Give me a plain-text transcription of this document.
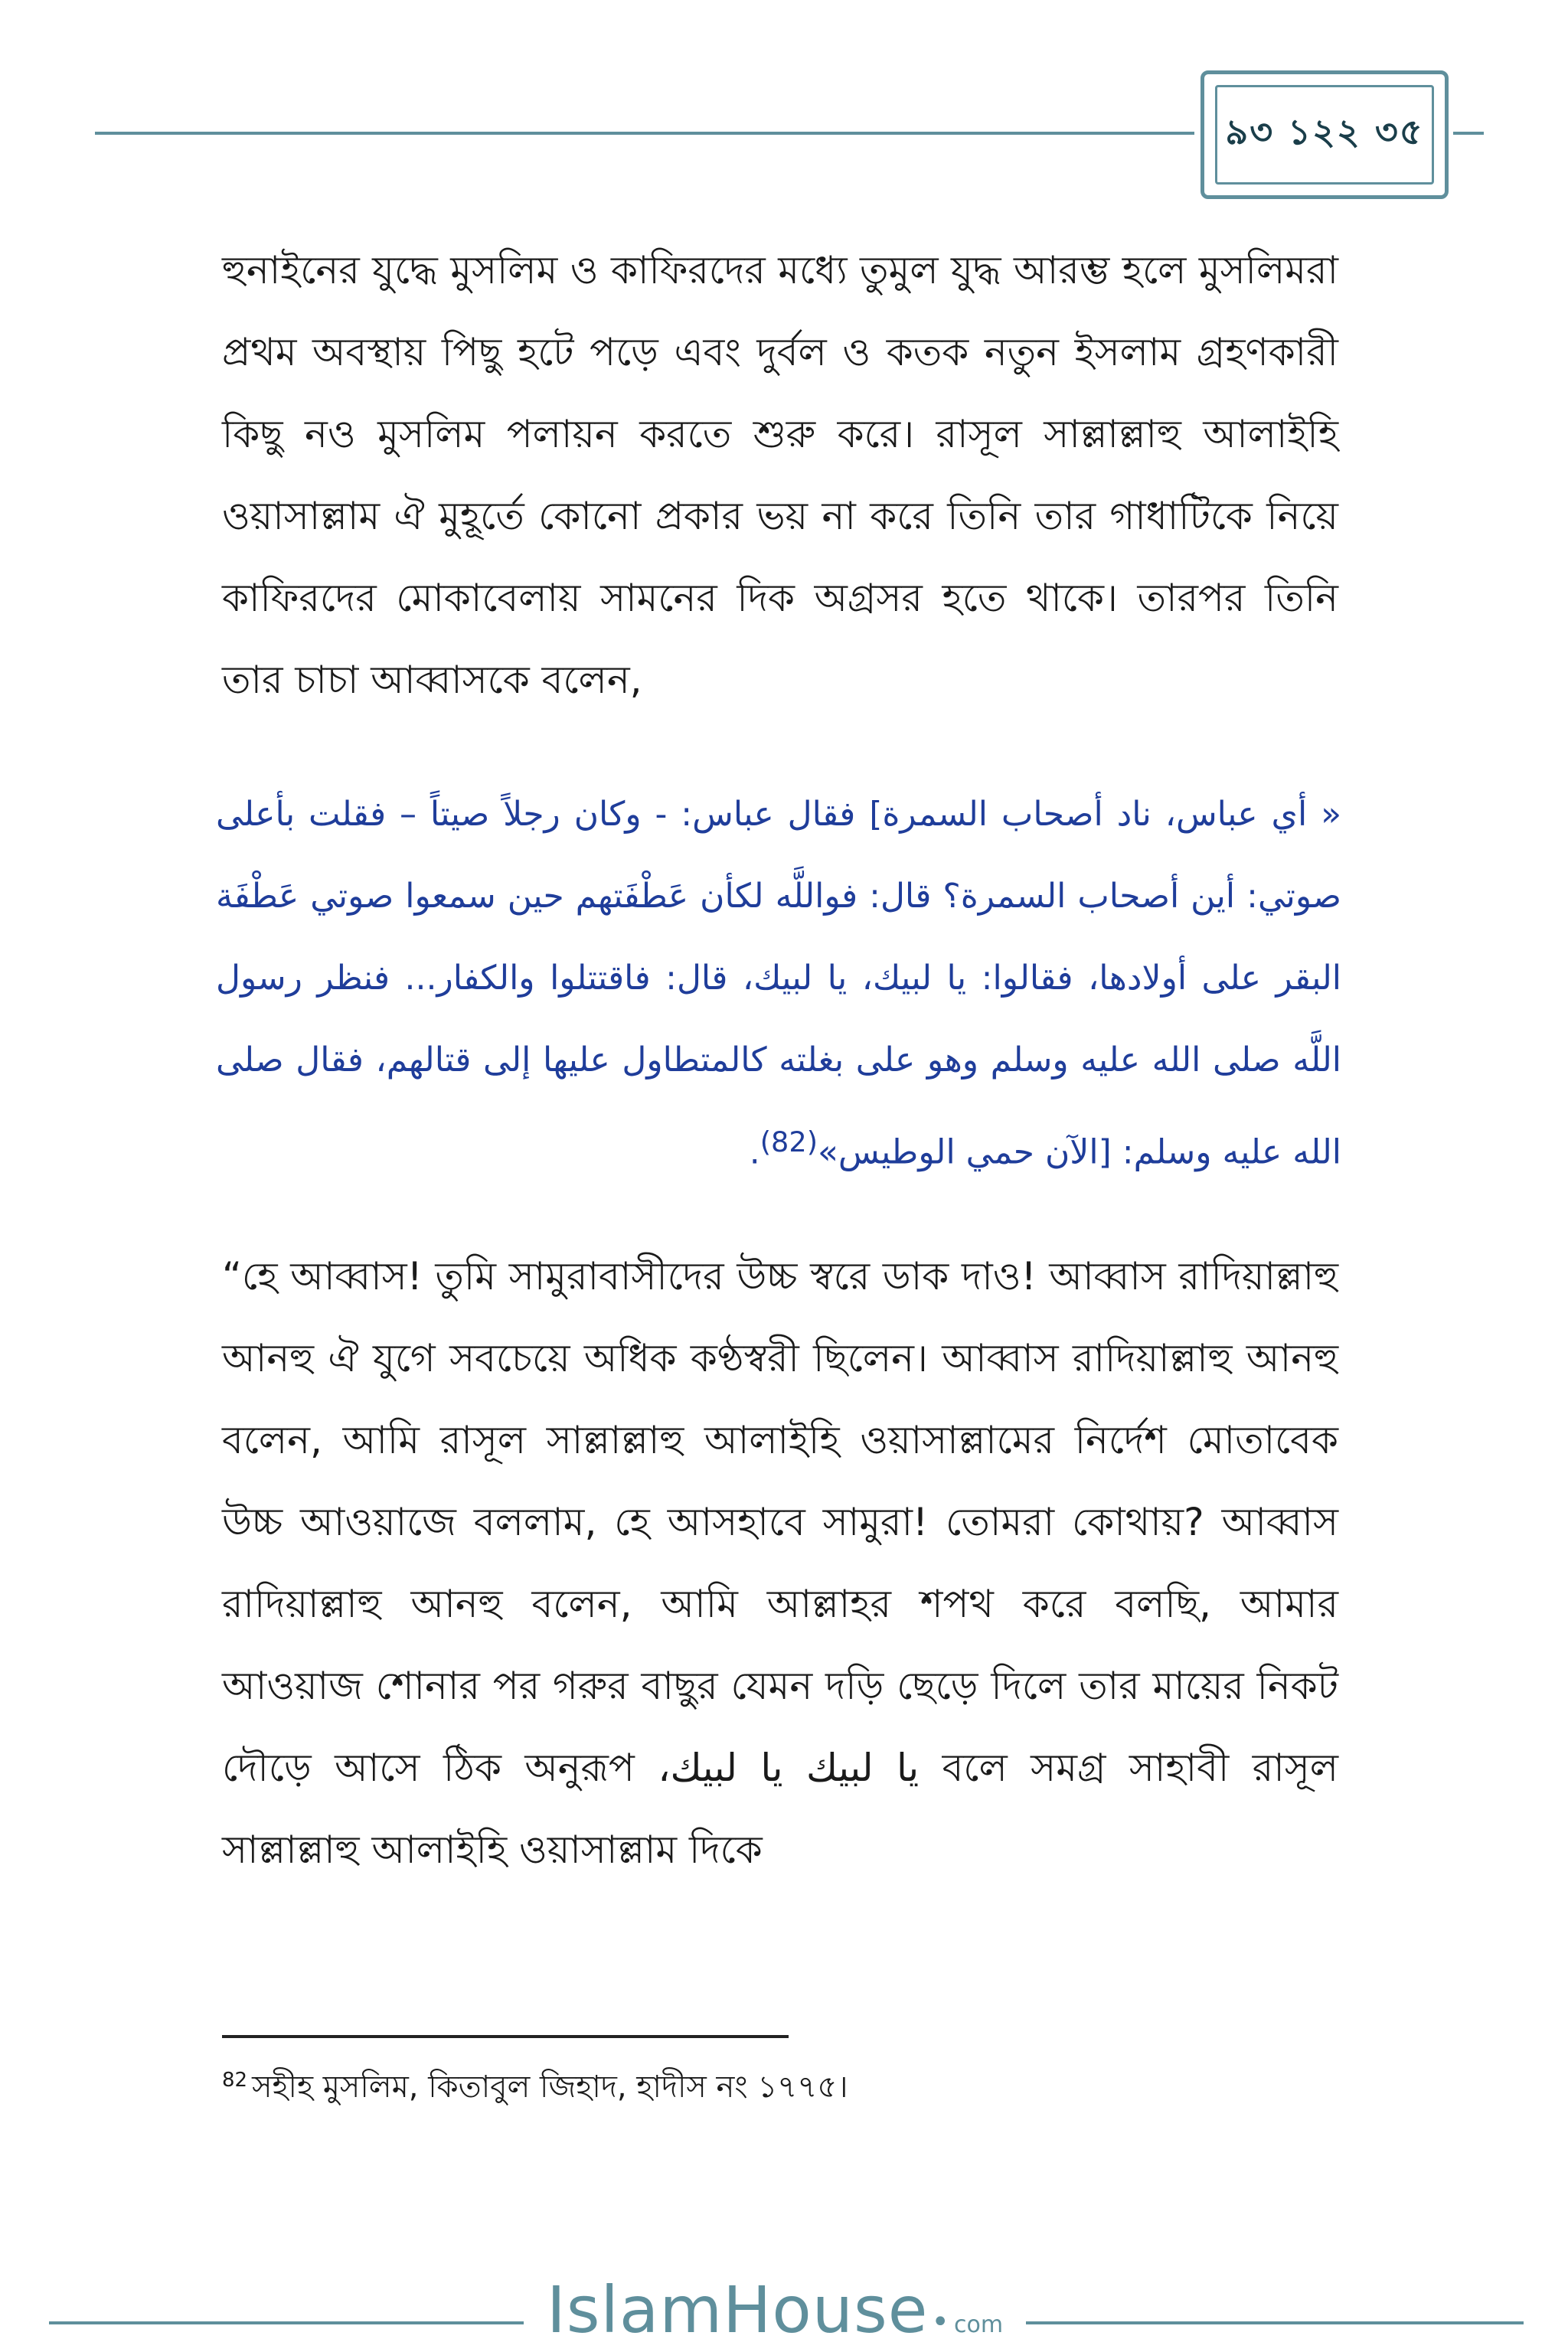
৯৩ ১২২ ৩৫

হুনাইনের যুদ্ধে মুসলিম ও কাফিরদের মধ্যে তুমুল যুদ্ধ আরম্ভ হলে মুসলিমরা প্রথম অবস্থায় পিছু হটে পড়ে এবং দুর্বল ও কতক নতুন ইসলাম গ্রহণকারী কিছু নও মুসলিম পলায়ন করতে শুরু করে। রাসূল সাল্লাল্লাহু আলাইহি ওয়াসাল্লাম ঐ মুহূর্তে কোনো প্রকার ভয় না করে তিনি তার গাধাটিকে নিয়ে কাফিরদের মোকাবেলায় সামনের দিক অগ্রসর হতে থাকে। তারপর তিনি তার চাচা আব্বাসকে বলেন,

« أي عباس، ناد أصحاب السمرة] فقال عباس: - وكان رجلاً صيتاً – فقلت بأعلى صوتي: أين أصحاب السمرة؟ قال: فواللَّه لكأن عَطْفَتهم حين سمعوا صوتي عَطْفَة البقر على أولادها، فقالوا: يا لبيك، يا لبيك، قال: فاقتتلوا والكفار... فنظر رسول اللَّه صلى الله عليه وسلم وهو على بغلته كالمتطاول عليها إلى قتالهم، فقال صلى الله عليه وسلم: [الآن حمي الوطيس»$^{(82)}$.

“হে আব্বাস! তুমি সামুরাবাসীদের উচ্চ স্বরে ডাক দাও! আব্বাস রাদিয়াল্লাহু আনহু ঐ যুগে সবচেয়ে অধিক কণ্ঠস্বরী ছিলেন। আব্বাস রাদিয়াল্লাহু আনহু বলেন, আমি রাসূল সাল্লাল্লাহু আলাইহি ওয়াসাল্লামের নির্দেশ মোতাবেক উচ্চ আওয়াজে বললাম, হে আসহাবে সামুরা! তোমরা কোথায়? আব্বাস রাদিয়াল্লাহু আনহু বলেন, আমি আল্লাহর শপথ করে বলছি, আমার আওয়াজ শোনার পর গরুর বাছুর যেমন দড়ি ছেড়ে দিলে তার মায়ের নিকট দৌড়ে আসে ঠিক অনুরূপ يا لبيك، يا لبيك বলে সমগ্র সাহাবী রাসূল সাল্লাল্লাহু আলাইহি ওয়াসাল্লাম দিকে

$^{82}$ সহীহ মুসলিম, কিতাবুল জিহাদ, হাদীস নং ১৭৭৫।

IslamHouse • com
